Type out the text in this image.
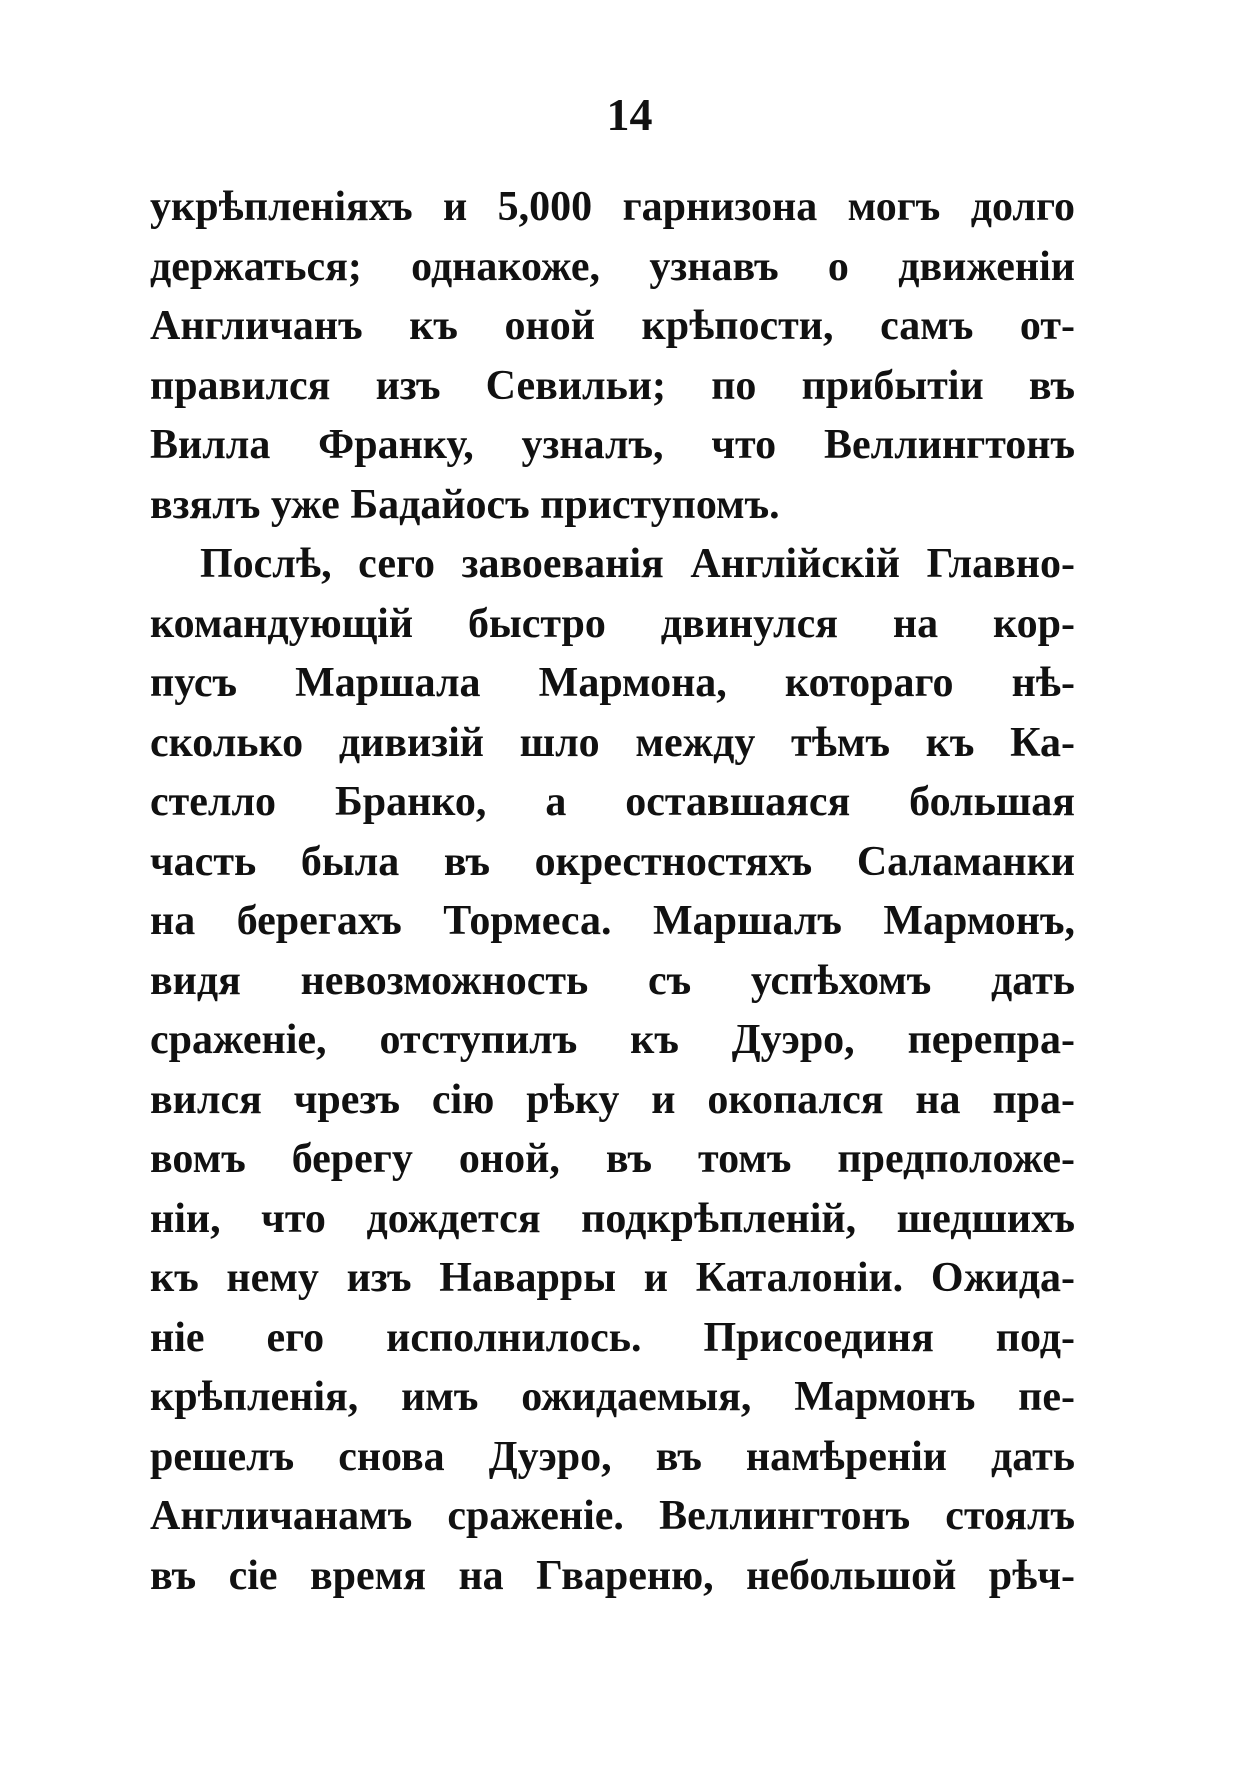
14
укрѣпленіяхъ и 5,000 гарнизона могъ долго
держаться; однакоже, узнавъ о движеніи
Англичанъ къ оной крѣпости, самъ от-
правился изъ Севильи; по прибытіи въ
Вилла Франку, узналъ, что Веллингтонъ
взялъ уже Бадайосъ приступомъ.
Послѣ, сего завоеванія Англійскій Главно-
командующій быстро двинулся на кор-
пусъ Маршала Мармона, котораго нѣ-
сколько дивизій шло между тѣмъ къ Ка-
стелло Бранко, а оставшаяся большая
часть была въ окрестностяхъ Саламанки
на берегахъ Тормеса. Маршалъ Мармонъ,
видя невозможность съ успѣхомъ дать
сраженіе, отступилъ къ Дуэро, перепра-
вился чрезъ сію рѣку и окопался на пра-
вомъ берегу оной, въ томъ предположе-
ніи, что дождется подкрѣпленій, шедшихъ
къ нему изъ Наварры и Каталоніи. Ожида-
ніе его исполнилось. Присоединя под-
крѣпленія, имъ ожидаемыя, Мармонъ пе-
решелъ снова Дуэро, въ намѣреніи дать
Англичанамъ сраженіе. Веллингтонъ стоялъ
въ сіе время на Гвареню, небольшой рѣч-
